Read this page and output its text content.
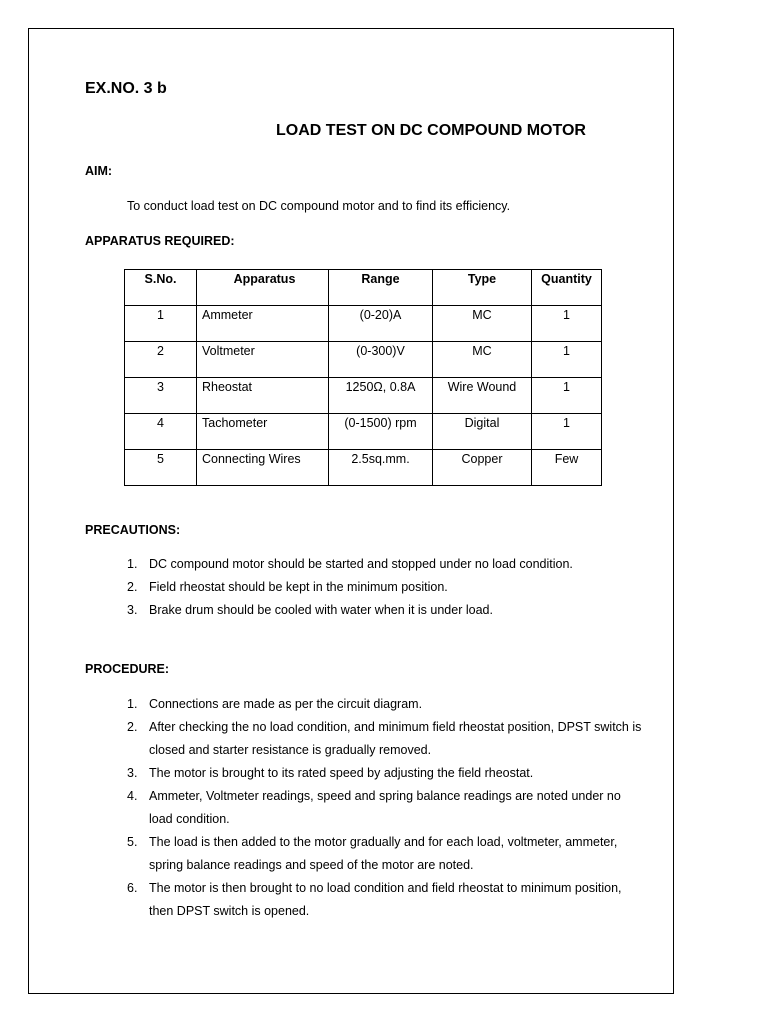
EX.NO. 3 b
LOAD TEST ON DC COMPOUND MOTOR
AIM:
To conduct load test on DC compound motor and to find its efficiency.
APPARATUS REQUIRED:
S.No.	Apparatus	Range	Type	Quantity
1	Ammeter	(0-20)A	MC	1
2	Voltmeter	(0-300)V	MC	1
3	Rheostat	1250Ω, 0.8A	Wire Wound	1
4	Tachometer	(0-1500) rpm	Digital	1
5	Connecting Wires	2.5sq.mm.	Copper	Few
PRECAUTIONS:
1. DC compound motor should be started and stopped under no load condition.
2. Field rheostat should be kept in the minimum position.
3. Brake drum should be cooled with water when it is under load.
PROCEDURE:
1. Connections are made as per the circuit diagram.
2. After checking the no load condition, and minimum field rheostat position, DPST switch is closed and starter resistance is gradually removed.
3. The motor is brought to its rated speed by adjusting the field rheostat.
4. Ammeter, Voltmeter readings, speed and spring balance readings are noted under no load condition.
5. The load is then added to the motor gradually and for each load, voltmeter, ammeter, spring balance readings and speed of the motor are noted.
6. The motor is then brought to no load condition and field rheostat to minimum position, then DPST switch is opened.
